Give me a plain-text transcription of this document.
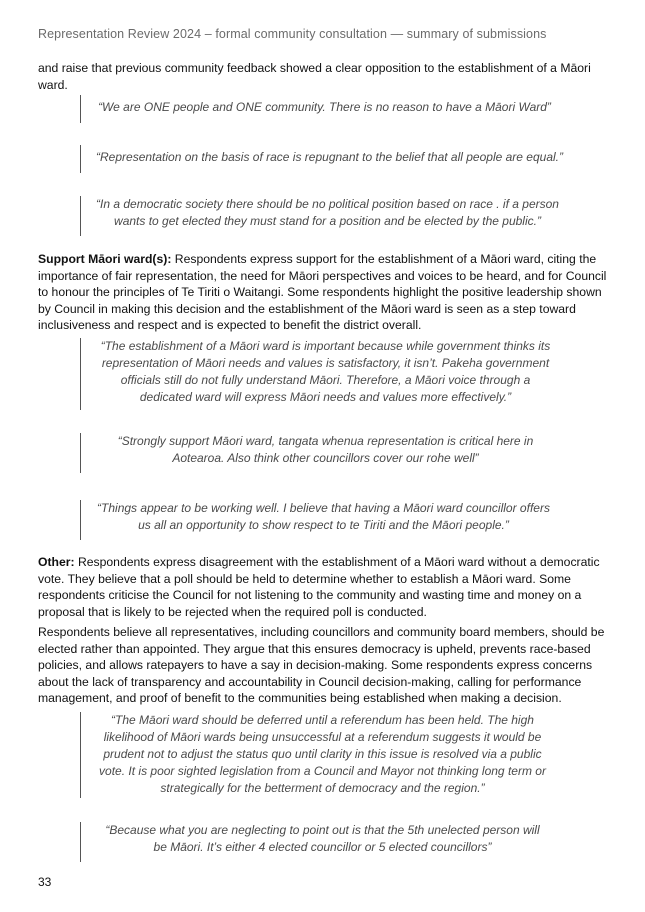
Representation Review 2024 – formal community consultation — summary of submissions
and raise that previous community feedback showed a clear opposition to the establishment of a Māori ward.
“We are ONE people and ONE community. There is no reason to have a Māori Ward”
“Representation on the basis of race is repugnant to the belief that all people are equal.”
“In a democratic society there should be no political position based on race . if a person wants to get elected they must stand for a position and be elected by the public.”
Support Māori ward(s): Respondents express support for the establishment of a Māori ward, citing the importance of fair representation, the need for Māori perspectives and voices to be heard, and for Council to honour the principles of Te Tiriti o Waitangi. Some respondents highlight the positive leadership shown by Council in making this decision and the establishment of the Māori ward is seen as a step toward inclusiveness and respect and is expected to benefit the district overall.
“The establishment of a Māori ward is important because while government thinks its representation of Māori needs and values is satisfactory, it isn’t. Pakeha government officials still do not fully understand Māori. Therefore, a Māori voice through a dedicated ward will express Māori needs and values more effectively.”
“Strongly support Māori ward, tangata whenua representation is critical here in Aotearoa. Also think other councillors cover our rohe well”
“Things appear to be working well. I believe that having a Māori ward councillor offers us all an opportunity to show respect to te Tiriti and the Māori people.”
Other: Respondents express disagreement with the establishment of a Māori ward without a democratic vote. They believe that a poll should be held to determine whether to establish a Māori ward. Some respondents criticise the Council for not listening to the community and wasting time and money on a proposal that is likely to be rejected when the required poll is conducted.
Respondents believe all representatives, including councillors and community board members, should be elected rather than appointed. They argue that this ensures democracy is upheld, prevents race-based policies, and allows ratepayers to have a say in decision-making. Some respondents express concerns about the lack of transparency and accountability in Council decision-making, calling for performance management, and proof of benefit to the communities being established when making a decision.
“The Māori ward should be deferred until a referendum has been held. The high likelihood of Māori wards being unsuccessful at a referendum suggests it would be prudent not to adjust the status quo until clarity in this issue is resolved via a public vote. It is poor sighted legislation from a Council and Mayor not thinking long term or strategically for the betterment of democracy and the region.”
“Because what you are neglecting to point out is that the 5th unelected person will be Māori. It’s either 4 elected councillor or 5 elected councillors”
33
